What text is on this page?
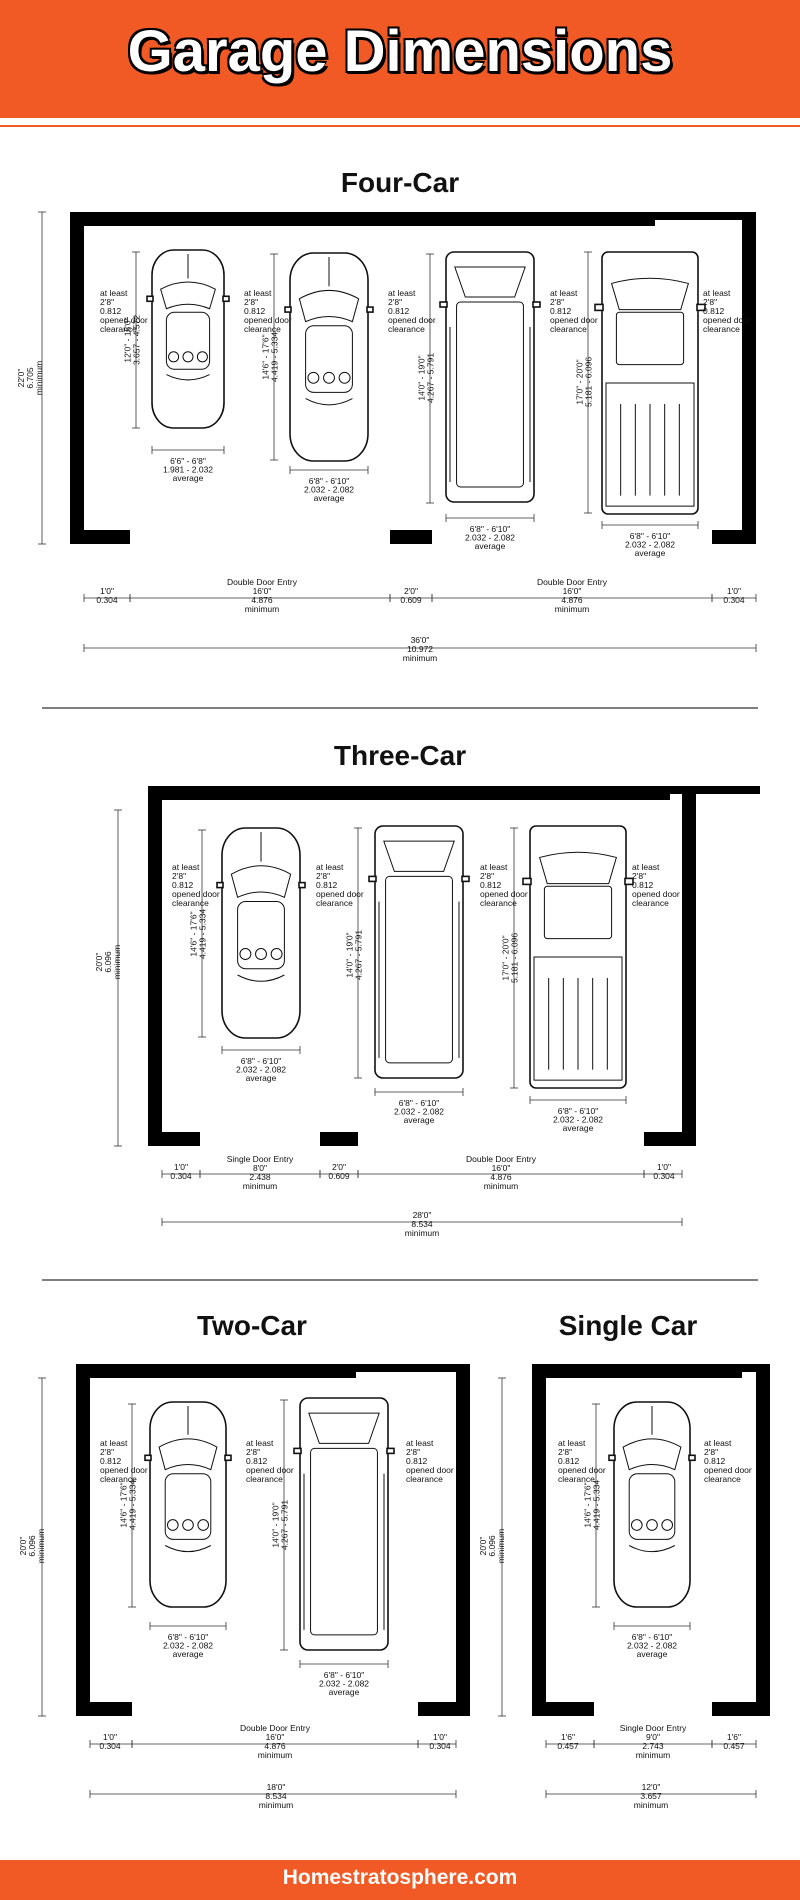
Garage Dimensions
Four-Car
22'0" 6.705 minimum
12'0" - 15'0" 3.657 - 4.572	14'6" - 17'6" 4.419 - 5.334	14'0" - 19'0" 4.267 - 5.791	17'0" - 20'0" 5.181 - 6.096
at least
2'8"
0.812
opened door
clearance
at least
2'8"
0.812
opened door
clearance
at least
2'8"
0.812
opened door
clearance
at least
2'8"
0.812
opened door
clearance
at least
2'8"
0.812
opened door
clearance
6'6" - 6'8"
1.981 - 2.032
average	6'8" - 6'10"
2.032 - 2.082
average
6'8" - 6'10"
2.032 - 2.082
average
6'8" - 6'10"
2.032 - 2.082
average
1'0"
0.304
Double Door Entry
16'0"
4.876
minimum
2'0"
0.609
Double Door Entry
16'0"
4.876
minimum
1'0"
0.304
36'0"
10.972
minimum
Three-Car
20'0" 6.096 minimum
14'6" - 17'6" 4.419 - 5.334	14'0" - 19'0" 4.267 - 5.791	17'0" - 20'0" 5.181 - 6.096
at least
2'8"
0.812
opened door
clearance
at least
2'8"
0.812
opened door
clearance
at least
2'8"
0.812
opened door
clearance
at least
2'8"
0.812
opened door
clearance
6'8" - 6'10"
2.032 - 2.082
average
6'8" - 6'10"
2.032 - 2.082
average
6'8" - 6'10"
2.032 - 2.082
average
1'0"
0.304
Single Door Entry
8'0"
2.438
minimum
2'0"
0.609
Double Door Entry
16'0"
4.876
minimum
1'0"
0.304
28'0"
8.534
minimum
Two-Car
20'0" 6.096 minimum
14'6" - 17'6" 4.419 - 5.334	14'0" - 19'0" 4.267 - 5.791
at least
2'8"
0.812
opened door
clearance
at least
2'8"
0.812
opened door
clearance
at least
2'8"
0.812
opened door
clearance
6'8" - 6'10"
2.032 - 2.082
average
6'8" - 6'10"
2.032 - 2.082
average
1'0"
0.304
Double Door Entry
16'0"
4.876
minimum
1'0"
0.304
18'0"
8.534
minimum
Single Car
20'0" 6.096 minimum
14'6" - 17'6" 4.419 - 5.334
at least
2'8"
0.812
opened door
clearance
at least
2'8"
0.812
opened door
clearance
6'8" - 6'10"
2.032 - 2.082
average
1'6"
0.457
Single Door Entry
9'0"
2.743
minimum
1'6"
0.457
12'0"
3.657
minimum
Homestratosphere.com
